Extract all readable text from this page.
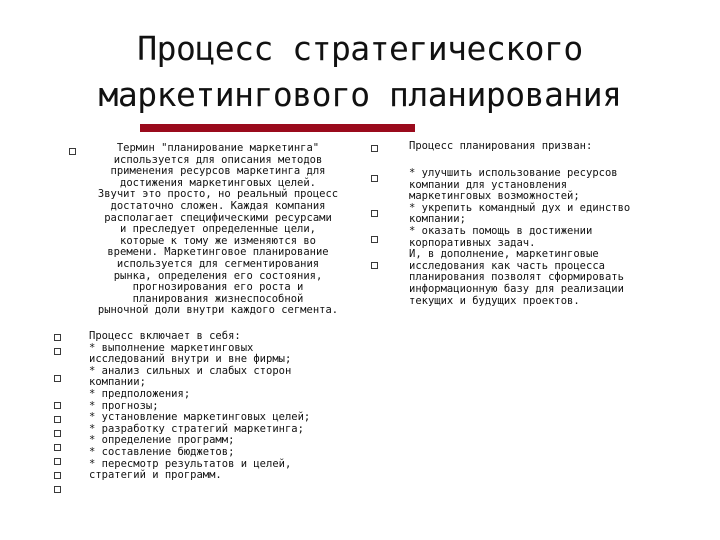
Процесс стратегического
маркетингового планирования
Термин "планирование маркетинга"
используется для описания методов
применения ресурсов маркетинга для
достижения маркетинговых целей.
Звучит это просто, но реальный процесс
достаточно сложен. Каждая компания
располагает специфическими ресурсами
и преследует определенные цели,
которые к тому же изменяются во
времени. Маркетинговое планирование
используется для сегментирования
рынка, определения его состояния,
прогнозирования его роста и
планирования жизнеспособной
рыночной доли внутри каждого сегмента.
Процесс включает в себя:
* выполнение маркетинговых
исследований внутри и вне фирмы;
* анализ сильных и слабых сторон
компании;
* предположения;
* прогнозы;
* установление маркетинговых целей;
* разработку стратегий маркетинга;
* определение программ;
* составление бюджетов;
* пересмотр результатов и целей,
стратегий и программ.
Процесс планирования призван:
* улучшить использование ресурсов
компании для установления
маркетинговых возможностей;
* укрепить командный дух и единство
компании;
* оказать помощь в достижении
корпоративных задач.
И, в дополнение, маркетинговые
исследования как часть процесса
планирования позволят сформировать
информационную базу для реализации
текущих и будущих проектов.
